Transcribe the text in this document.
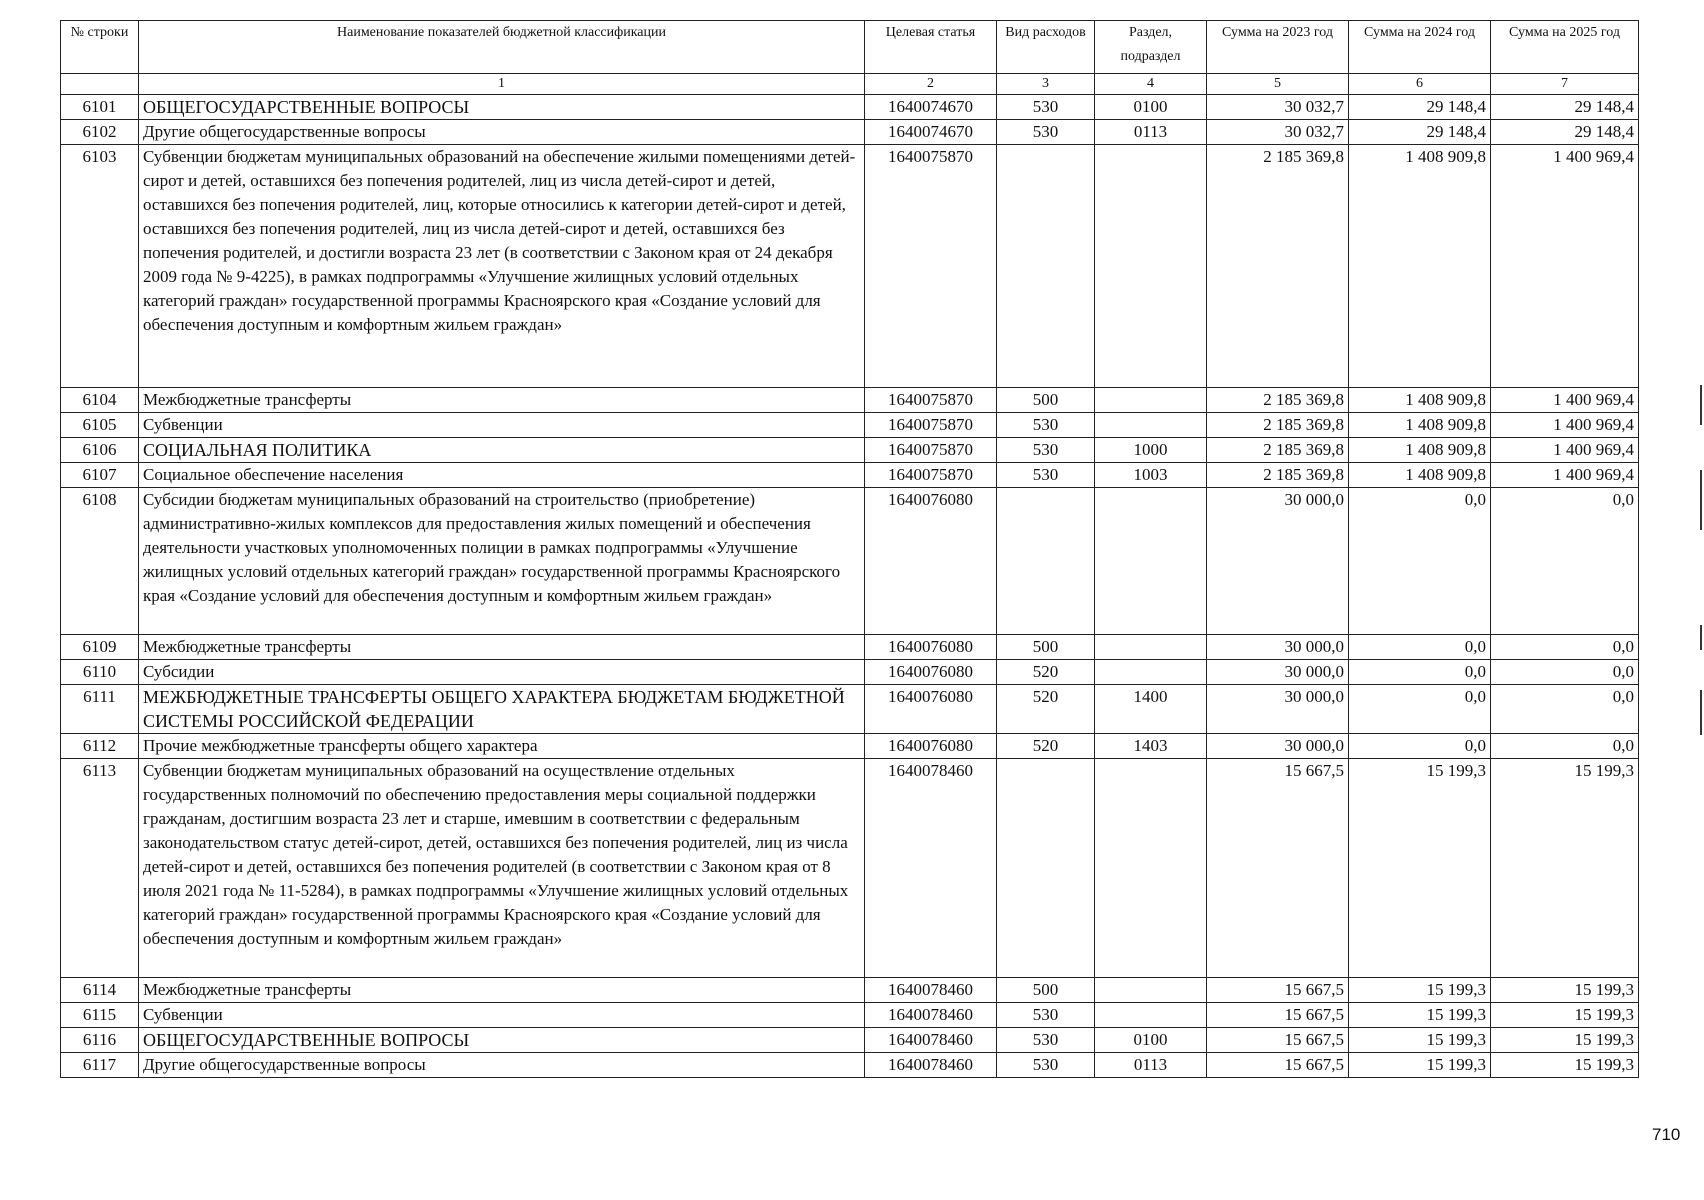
№ строки	Наименование показателей бюджетной классификации	Целевая статья	Вид расходов	Раздел, подраздел	Сумма на 2023 год	Сумма на 2024 год	Сумма на 2025 год
	1	2	3	4	5	6	7
6101	ОБЩЕГОСУДАРСТВЕННЫЕ ВОПРОСЫ	1640074670	530	0100	30 032,7	29 148,4	29 148,4
6102	Другие общегосударственные вопросы	1640074670	530	0113	30 032,7	29 148,4	29 148,4
6103	Субвенции бюджетам муниципальных образований на обеспечение жилыми помещениями детей-сирот и детей, оставшихся без попечения родителей, лиц из числа детей-сирот и детей, оставшихся без попечения родителей, лиц, которые относились к категории детей-сирот и детей, оставшихся без попечения родителей, лиц из числа детей-сирот и детей, оставшихся без попечения родителей, и достигли возраста 23 лет (в соответствии с Законом края от 24 декабря 2009 года № 9-4225), в рамках подпрограммы «Улучшение жилищных условий отдельных категорий граждан» государственной программы Красноярского края «Создание условий для обеспечения доступным и комфортным жильем граждан»	1640075870			2 185 369,8	1 408 909,8	1 400 969,4
6104	Межбюджетные трансферты	1640075870	500		2 185 369,8	1 408 909,8	1 400 969,4
6105	Субвенции	1640075870	530		2 185 369,8	1 408 909,8	1 400 969,4
6106	СОЦИАЛЬНАЯ ПОЛИТИКА	1640075870	530	1000	2 185 369,8	1 408 909,8	1 400 969,4
6107	Социальное обеспечение населения	1640075870	530	1003	2 185 369,8	1 408 909,8	1 400 969,4
6108	Субсидии бюджетам муниципальных образований на строительство (приобретение) административно-жилых комплексов для предоставления жилых помещений и обеспечения деятельности участковых уполномоченных полиции в рамках подпрограммы «Улучшение жилищных условий отдельных категорий граждан» государственной программы Красноярского края «Создание условий для обеспечения доступным и комфортным жильем граждан»	1640076080			30 000,0	0,0	0,0
6109	Межбюджетные трансферты	1640076080	500		30 000,0	0,0	0,0
6110	Субсидии	1640076080	520		30 000,0	0,0	0,0
6111	МЕЖБЮДЖЕТНЫЕ ТРАНСФЕРТЫ ОБЩЕГО ХАРАКТЕРА БЮДЖЕТАМ БЮДЖЕТНОЙ СИСТЕМЫ РОССИЙСКОЙ ФЕДЕРАЦИИ	1640076080	520	1400	30 000,0	0,0	0,0
6112	Прочие межбюджетные трансферты общего характера	1640076080	520	1403	30 000,0	0,0	0,0
6113	Субвенции бюджетам муниципальных образований на осуществление отдельных государственных полномочий по обеспечению предоставления меры социальной поддержки гражданам, достигшим возраста 23 лет и старше, имевшим в соответствии с федеральным законодательством статус детей-сирот, детей, оставшихся без попечения родителей, лиц из числа детей-сирот и детей, оставшихся без попечения родителей (в соответствии с Законом края от 8 июля 2021 года № 11-5284), в рамках подпрограммы «Улучшение жилищных условий отдельных категорий граждан» государственной программы Красноярского края «Создание условий для обеспечения доступным и комфортным жильем граждан»	1640078460			15 667,5	15 199,3	15 199,3
6114	Межбюджетные трансферты	1640078460	500		15 667,5	15 199,3	15 199,3
6115	Субвенции	1640078460	530		15 667,5	15 199,3	15 199,3
6116	ОБЩЕГОСУДАРСТВЕННЫЕ ВОПРОСЫ	1640078460	530	0100	15 667,5	15 199,3	15 199,3
6117	Другие общегосударственные вопросы	1640078460	530	0113	15 667,5	15 199,3	15 199,3
710
